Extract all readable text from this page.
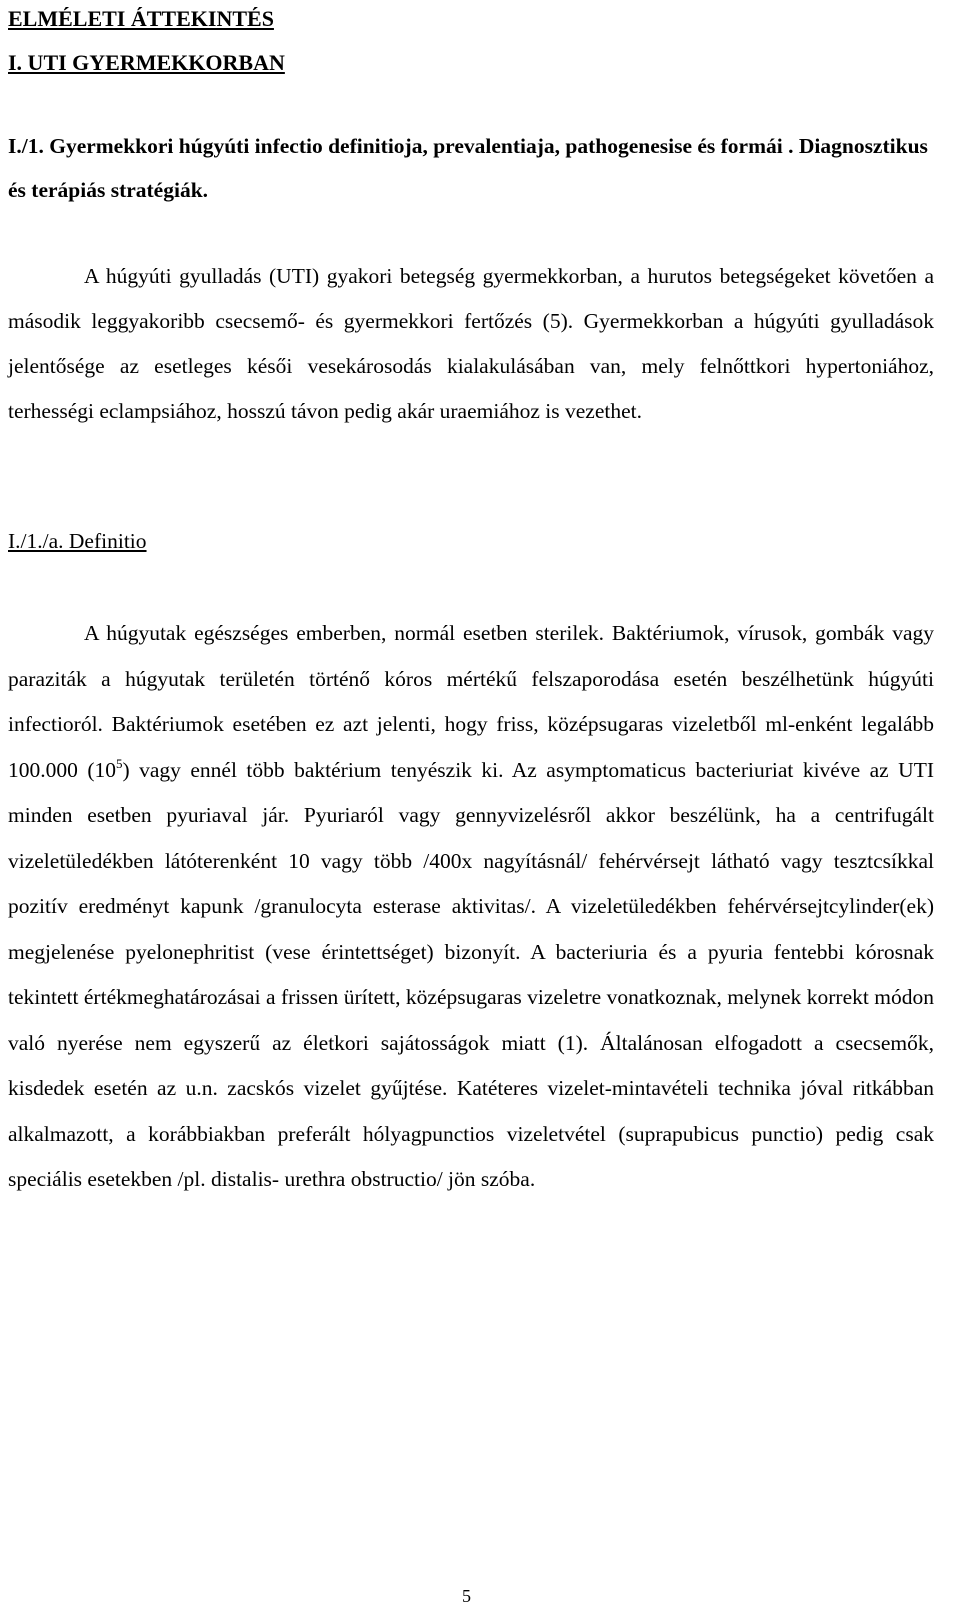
ELMÉLETI ÁTTEKINTÉS
I. UTI GYERMEKKORBAN
I./1. Gyermekkori húgyúti infectio definitioja, prevalentiaja, pathogenesise és formái . Diagnosztikus és terápiás stratégiák.

A húgyúti gyulladás (UTI) gyakori betegség gyermekkorban, a hurutos betegségeket követően a második leggyakoribb csecsemő- és gyermekkori fertőzés (5). Gyermekkorban a húgyúti gyulladások jelentősége az esetleges késői vesekárosodás kialakulásában van, mely felnőttkori hypertoniához, terhességi eclampsiához, hosszú távon pedig akár uraemiához is vezethet.

I./1./a. Definitio

A húgyutak egészséges emberben, normál esetben sterilek. Baktériumok, vírusok, gombák vagy paraziták a húgyutak területén történő kóros mértékű felszaporodása esetén beszélhetünk húgyúti infectioról. Baktériumok esetében ez azt jelenti, hogy friss, középsugaras vizeletből ml-enként legalább 100.000 $(10^5)$ vagy ennél több baktérium tenyészik ki. Az asymptomaticus bacteriuriat kivéve az UTI minden esetben pyuriaval jár. Pyuriaról vagy gennyvizelésről akkor beszélünk, ha a centrifugált vizeletüledékben látóterenként 10 vagy több /400x nagyításnál/ fehérvérsejt látható vagy tesztcsíkkal pozitív eredményt kapunk /granulocyta esterase aktivitas/. A vizeletüledékben fehérvérsejtcylinder(ek) megjelenése pyelonephritist (vese érintettséget) bizonyít. A bacteriuria és a pyuria fentebbi kórosnak tekintett értékmeghatározásai a frissen ürített, középsugaras vizeletre vonatkoznak, melynek korrekt módon való nyerése nem egyszerű az életkori sajátosságok miatt (1). Általánosan elfogadott a csecsemők, kisdedek esetén az u.n. zacskós vizelet gyűjtése. Katéteres vizelet-mintavételi technika jóval ritkábban alkalmazott, a korábbiakban preferált hólyagpunctios vizeletvétel (suprapubicus punctio) pedig csak speciális esetekben /pl. distalis- urethra obstructio/ jön szóba.

5
